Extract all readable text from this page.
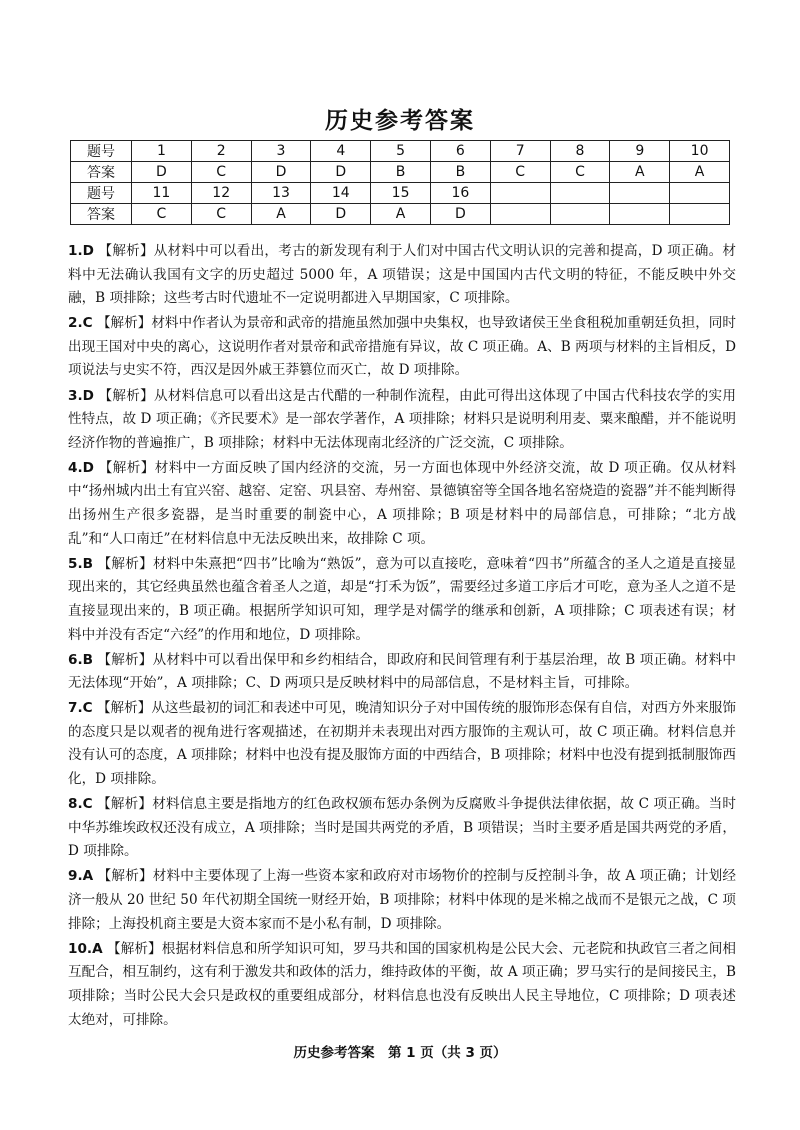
历史参考答案
题号	1	2	3	4	5	6	7	8	9	10
答案	D	C	D	D	B	B	C	C	A	A
题号	11	12	13	14	15	16				
答案	C	C	A	D	A	D				

1.D 【解析】从材料中可以看出，考古的新发现有利于人们对中国古代文明认识的完善和提高，D 项正确。材料中无法确认我国有文字的历史超过 5000 年，A 项错误；这是中国国内古代文明的特征，不能反映中外交融，B 项排除；这些考古时代遗址不一定说明都进入早期国家，C 项排除。

2.C 【解析】材料中作者认为景帝和武帝的措施虽然加强中央集权，也导致诸侯王坐食租税加重朝廷负担，同时出现王国对中央的离心，这说明作者对景帝和武帝措施有异议，故 C 项正确。A、B 两项与材料的主旨相反，D 项说法与史实不符，西汉是因外戚王莽篡位而灭亡，故 D 项排除。

3.D 【解析】从材料信息可以看出这是古代醋的一种制作流程，由此可得出这体现了中国古代科技农学的实用性特点，故 D 项正确；《齐民要术》是一部农学著作，A 项排除；材料只是说明利用麦、粟来酿醋，并不能说明经济作物的普遍推广，B 项排除；材料中无法体现南北经济的广泛交流，C 项排除。

4.D 【解析】材料中一方面反映了国内经济的交流，另一方面也体现中外经济交流，故 D 项正确。仅从材料中“扬州城内出土有宜兴窑、越窑、定窑、巩县窑、寿州窑、景德镇窑等全国各地名窑烧造的瓷器”并不能判断得出扬州生产很多瓷器，是当时重要的制瓷中心，A 项排除；B 项是材料中的局部信息，可排除；“北方战乱”和“人口南迁”在材料信息中无法反映出来，故排除 C 项。

5.B 【解析】材料中朱熹把“四书”比喻为“熟饭”，意为可以直接吃，意味着“四书”所蕴含的圣人之道是直接显现出来的，其它经典虽然也蕴含着圣人之道，却是“打禾为饭”，需要经过多道工序后才可吃，意为圣人之道不是直接显现出来的，B 项正确。根据所学知识可知，理学是对儒学的继承和创新，A 项排除；C 项表述有误；材料中并没有否定“六经”的作用和地位，D 项排除。

6.B 【解析】从材料中可以看出保甲和乡约相结合，即政府和民间管理有利于基层治理，故 B 项正确。材料中无法体现“开始”，A 项排除；C、D 两项只是反映材料中的局部信息，不是材料主旨，可排除。

7.C 【解析】从这些最初的词汇和表述中可见，晚清知识分子对中国传统的服饰形态保有自信，对西方外来服饰的态度只是以观者的视角进行客观描述，在初期并未表现出对西方服饰的主观认可，故 C 项正确。材料信息并没有认可的态度，A 项排除；材料中也没有提及服饰方面的中西结合，B 项排除；材料中也没有提到抵制服饰西化，D 项排除。

8.C 【解析】材料信息主要是指地方的红色政权颁布惩办条例为反腐败斗争提供法律依据，故 C 项正确。当时中华苏维埃政权还没有成立，A 项排除；当时是国共两党的矛盾，B 项错误；当时主要矛盾是国共两党的矛盾，D 项排除。

9.A 【解析】材料中主要体现了上海一些资本家和政府对市场物价的控制与反控制斗争，故 A 项正确；计划经济一般从 20 世纪 50 年代初期全国统一财经开始，B 项排除；材料中体现的是米棉之战而不是银元之战，C 项排除；上海投机商主要是大资本家而不是小私有制，D 项排除。

10.A 【解析】根据材料信息和所学知识可知，罗马共和国的国家机构是公民大会、元老院和执政官三者之间相互配合，相互制约，这有利于激发共和政体的活力，维持政体的平衡，故 A 项正确；罗马实行的是间接民主，B 项排除；当时公民大会只是政权的重要组成部分，材料信息也没有反映出人民主导地位，C 项排除；D 项表述太绝对，可排除。

历史参考答案　第 1 页（共 3 页）
